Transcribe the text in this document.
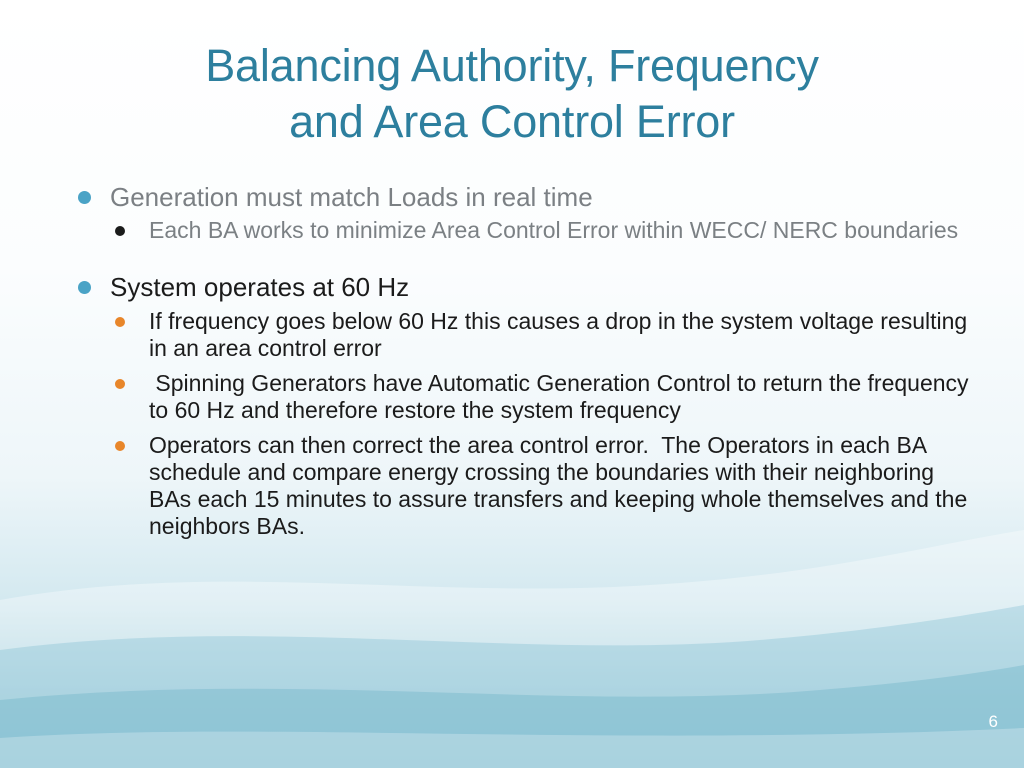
Balancing Authority, Frequency
and Area Control Error
Generation must match Loads in real time
Each BA works to minimize Area Control Error within WECC/ NERC boundaries
System operates at 60 Hz
If frequency goes below 60 Hz this causes a drop in the system voltage resulting in an area control error
Spinning Generators have Automatic Generation Control to return the frequency to 60 Hz and therefore restore the system frequency
Operators can then correct the area control error.  The Operators in each BA schedule and compare energy crossing the boundaries with their neighboring BAs each 15 minutes to assure transfers and keeping whole themselves and the neighbors BAs.
6
